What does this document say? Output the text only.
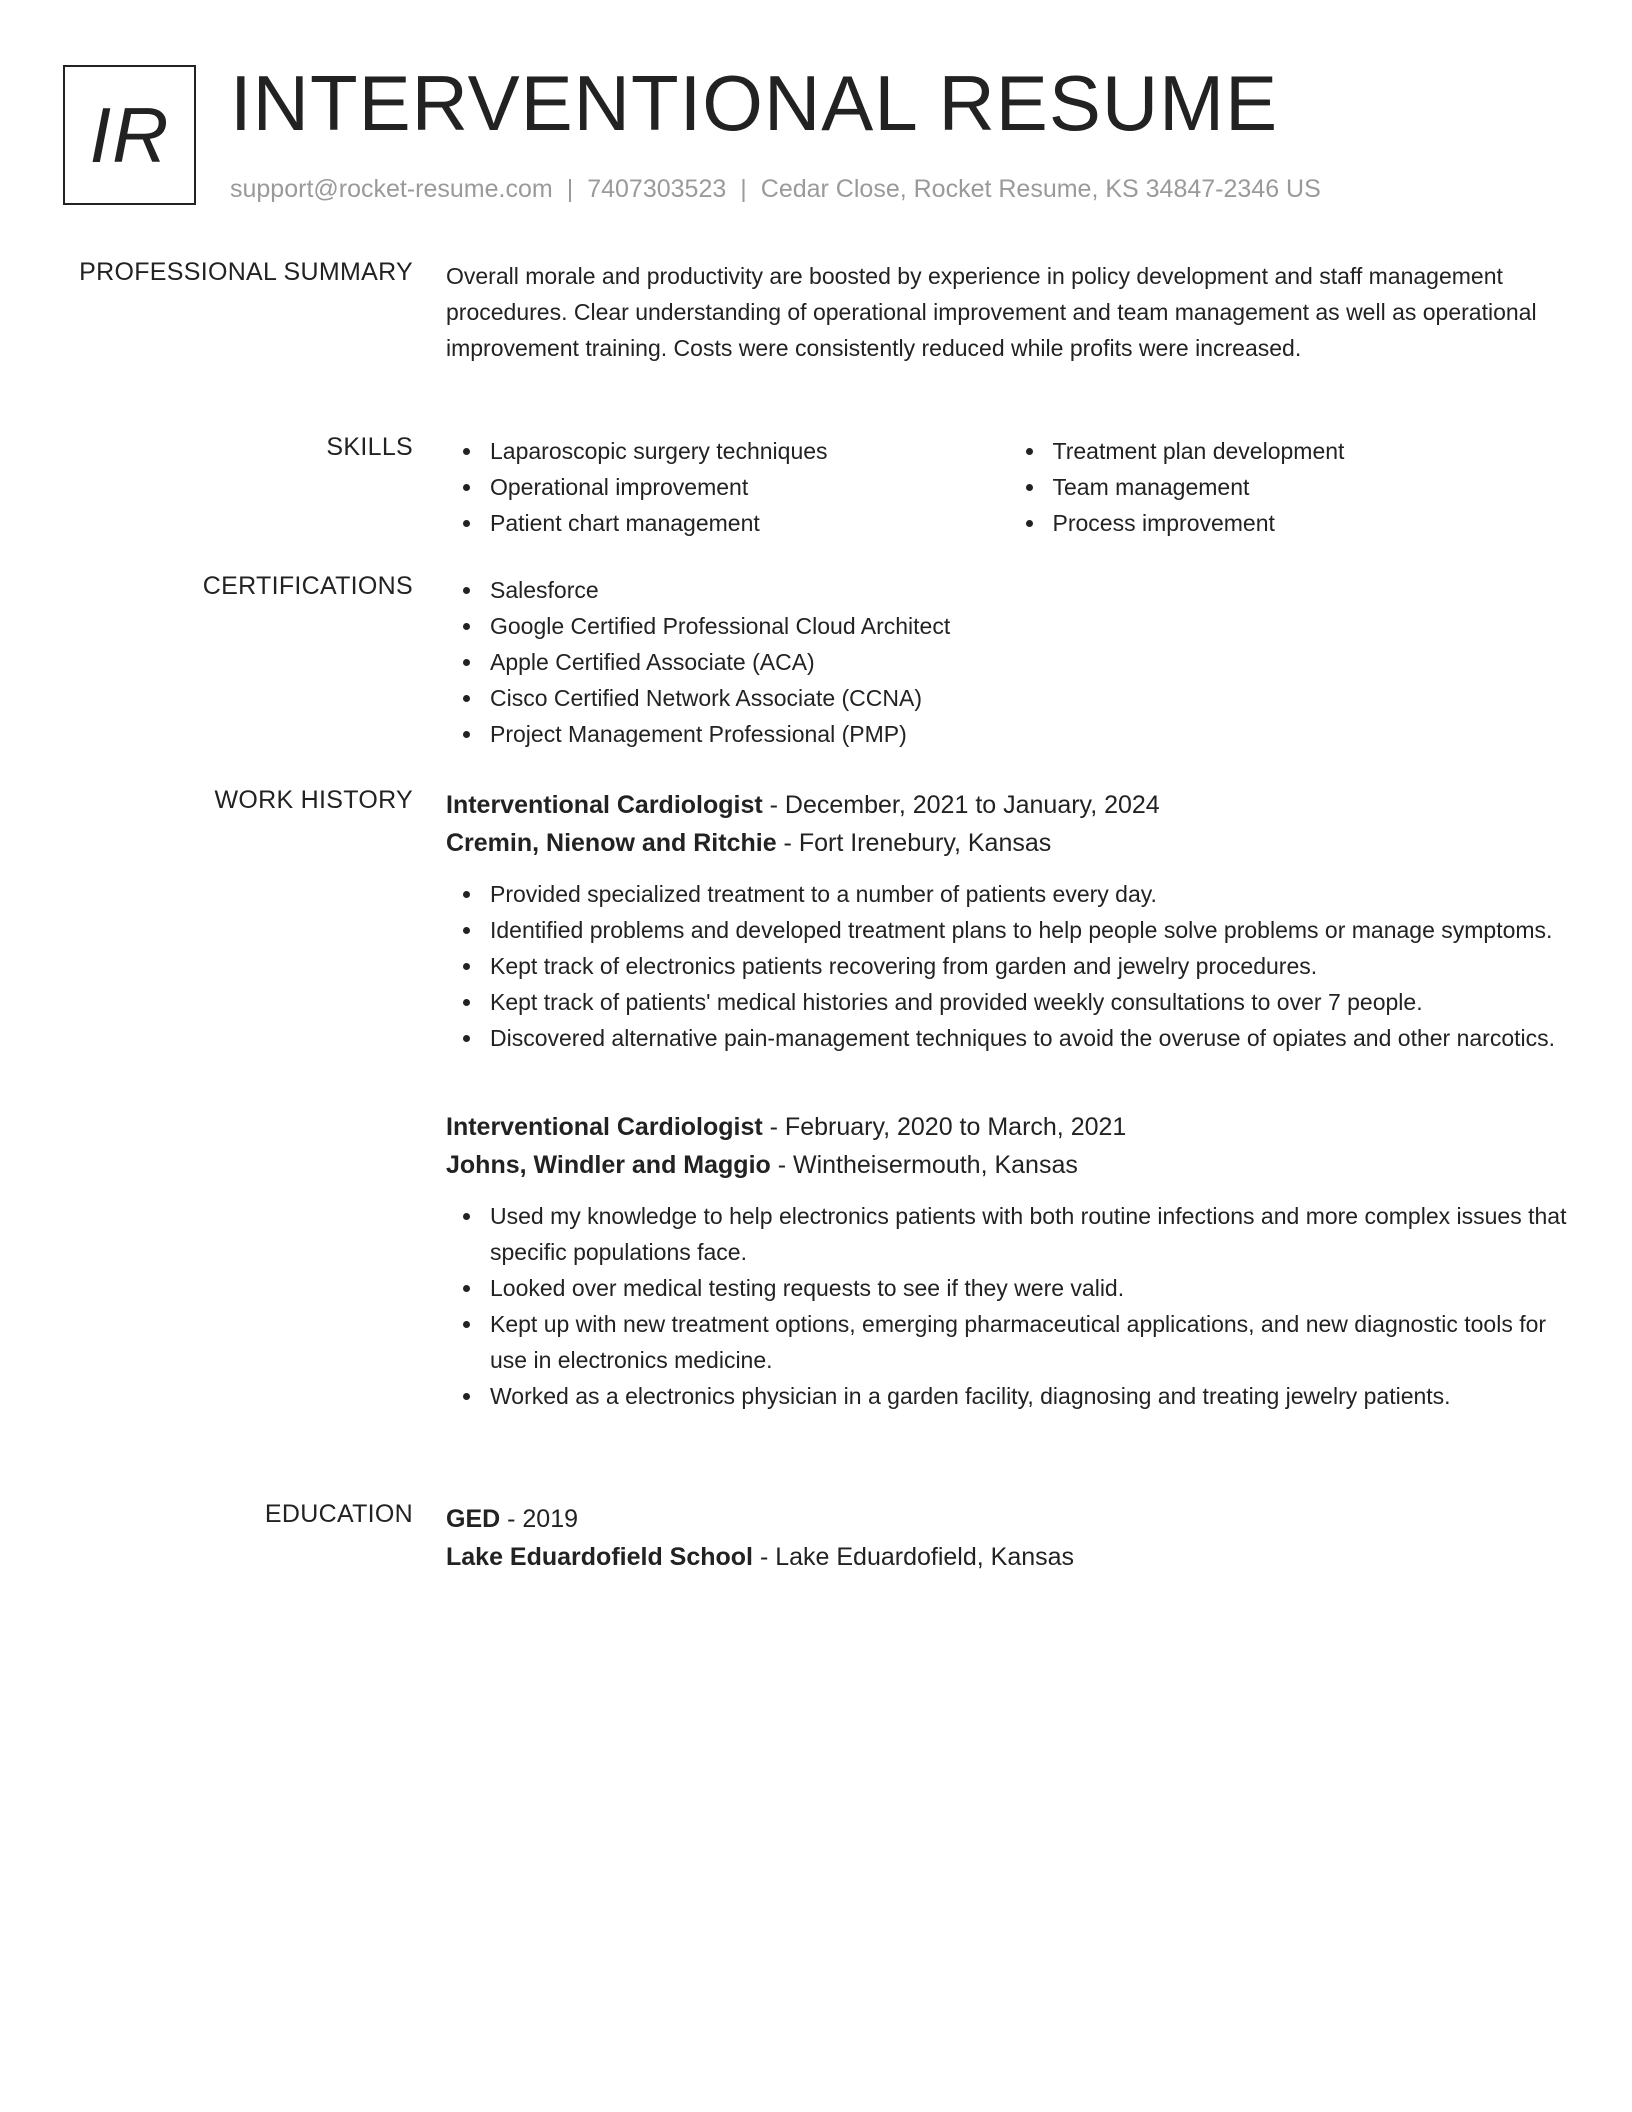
IR INTERVENTIONAL RESUME
support@rocket-resume.com | 7407303523 | Cedar Close, Rocket Resume, KS 34847-2346 US
PROFESSIONAL SUMMARY Overall morale and productivity are boosted by experience in policy development and staff management procedures. Clear understanding of operational improvement and team management as well as operational improvement training. Costs were consistently reduced while profits were increased.

SKILLS	Laparoscopic surgery techniques
Operational improvement
Patient chart management
Treatment plan development
Team management
Process improvement
CERTIFICATIONS	Salesforce
Google Certified Professional Cloud Architect
Apple Certified Associate (ACA)
Cisco Certified Network Associate (CCNA)
Project Management Professional (PMP)
WORK HISTORY Interventional Cardiologist - December, 2021 to January, 2024
Cremin, Nienow and Ritchie - Fort Irenebury, Kansas
Provided specialized treatment to a number of patients every day.
Identified problems and developed treatment plans to help people solve problems or manage symptoms.
Kept track of electronics patients recovering from garden and jewelry procedures.
Kept track of patients' medical histories and provided weekly consultations to over 7 people.
Discovered alternative pain-management techniques to avoid the overuse of opiates and other narcotics.
Interventional Cardiologist - February, 2020 to March, 2021
Johns, Windler and Maggio - Wintheisermouth, Kansas
Used my knowledge to help electronics patients with both routine infections and more complex issues that specific populations face.
Looked over medical testing requests to see if they were valid.
Kept up with new treatment options, emerging pharmaceutical applications, and new diagnostic tools for use in electronics medicine.
Worked as a electronics physician in a garden facility, diagnosing and treating jewelry patients.
EDUCATION GED - 2019
Lake Eduardofield School - Lake Eduardofield, Kansas
